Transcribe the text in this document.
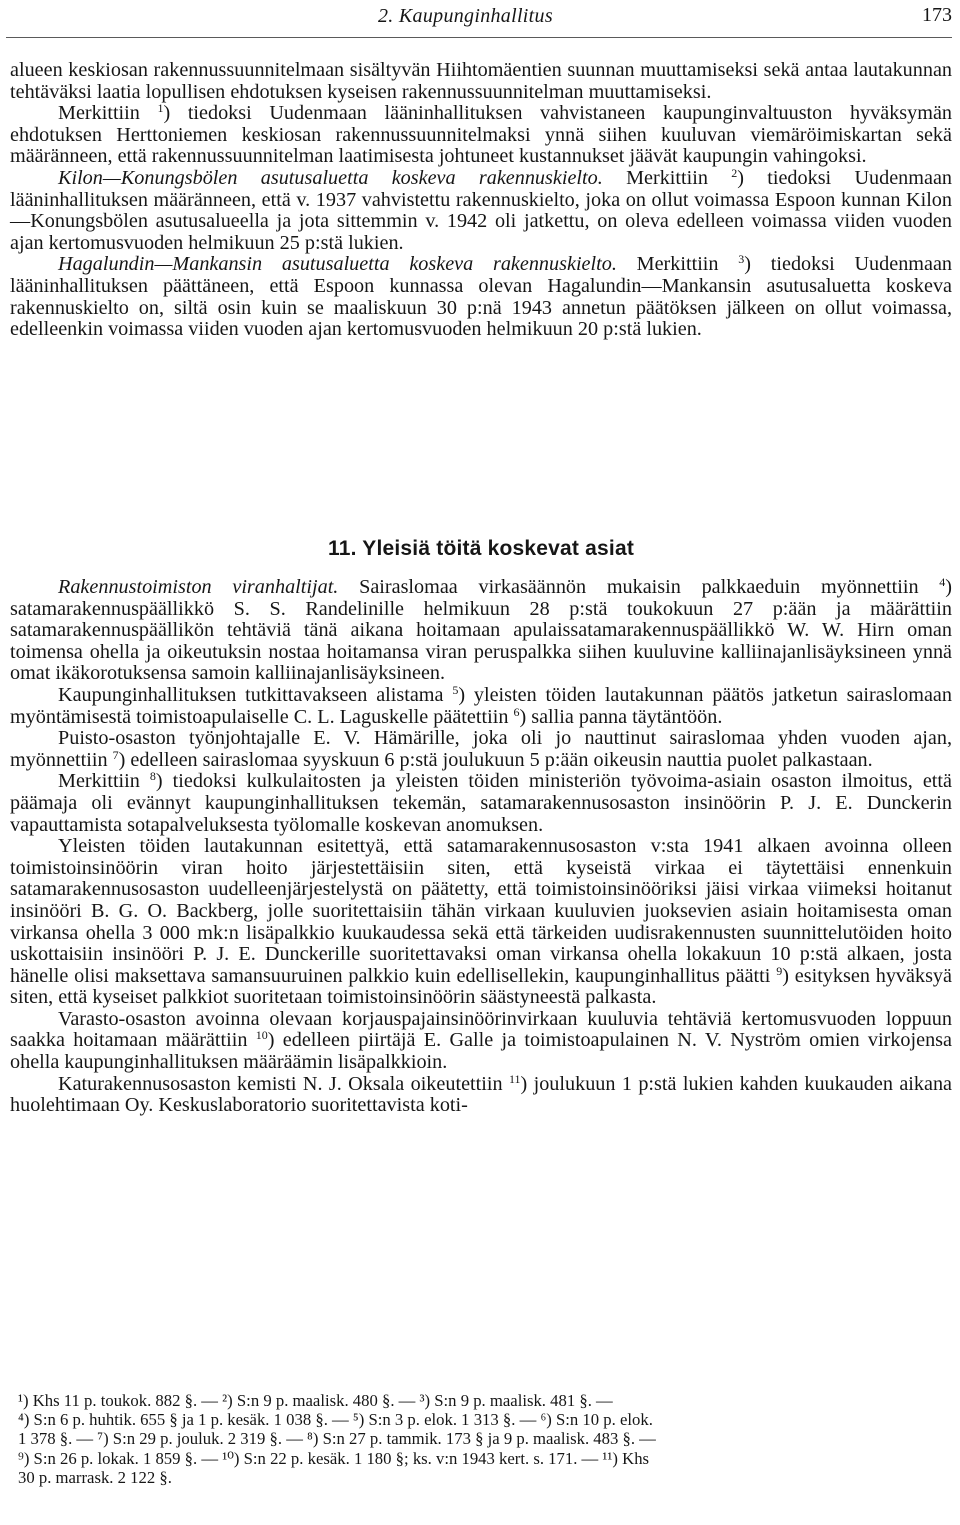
2. Kaupunginhallitus	173

alueen keskiosan rakennussuunnitelmaan sisältyvän Hiihtomäentien suunnan muuttamiseksi sekä antaa lautakunnan tehtäväksi laatia lopullisen ehdotuksen kyseisen rakennussuunnitelman muuttamiseksi.

Merkittiin $^1$) tiedoksi Uudenmaan lääninhallituksen vahvistaneen kaupunginvaltuuston hyväksymän ehdotuksen Herttoniemen keskiosan rakennussuunnitelmaksi ynnä siihen kuuluvan viemäröimiskartan sekä määränneen, että rakennussuunnitelman laatimisesta johtuneet kustannukset jäävät kaupungin vahingoksi.

Kilon—Konungsbölen asutusaluetta koskeva rakennuskielto. Merkittiin $^2$) tiedoksi Uudenmaan lääninhallituksen määränneen, että v. 1937 vahvistettu rakennuskielto, joka on ollut voimassa Espoon kunnan Kilon—Konungsbölen asutusalueella ja jota sittemmin v. 1942 oli jatkettu, on oleva edelleen voimassa viiden vuoden ajan kertomusvuoden helmikuun 25 p:stä lukien.

Hagalundin—Mankansin asutusaluetta koskeva rakennuskielto. Merkittiin $^3$) tiedoksi Uudenmaan lääninhallituksen päättäneen, että Espoon kunnassa olevan Hagalundin—Mankansin asutusaluetta koskeva rakennuskielto on, siltä osin kuin se maaliskuun 30 p:nä 1943 annetun päätöksen jälkeen on ollut voimassa, edelleenkin voimassa viiden vuoden ajan kertomusvuoden helmikuun 20 p:stä lukien.

11. Yleisiä töitä koskevat asiat

Rakennustoimiston viranhaltijat. Sairaslomaa virkasäännön mukaisin palkkaeduin myönnettiin $^4$) satamarakennuspäällikkö S. S. Randelinille helmikuun 28 p:stä toukokuun 27 p:ään ja määrättiin satamarakennuspäällikön tehtäviä tänä aikana hoitamaan apulaissatamarakennuspäällikkö W. W. Hirn oman toimensa ohella ja oikeutuksin nostaa hoitamansa viran peruspalkka siihen kuuluvine kalliinajanlisäyksineen ynnä omat ikäkorotuksensa samoin kalliinajanlisäyksineen.

Kaupunginhallituksen tutkittavakseen alistama $^5$) yleisten töiden lautakunnan päätös jatketun sairaslomaan myöntämisestä toimistoapulaiselle C. L. Laguskelle päätettiin $^6$) sallia panna täytäntöön.

Puisto-osaston työnjohtajalle E. V. Hämärille, joka oli jo nauttinut sairaslomaa yhden vuoden ajan, myönnettiin $^7$) edelleen sairaslomaa syyskuun 6 p:stä joulukuun 5 p:ään oikeusin nauttia puolet palkastaan.

Merkittiin $^8$) tiedoksi kulkulaitosten ja yleisten töiden ministeriön työvoima-asiain osaston ilmoitus, että päämaja oli evännyt kaupunginhallituksen tekemän, satamarakennusosaston insinöörin P. J. E. Dunckerin vapauttamista sotapalveluksesta työlomalle koskevan anomuksen.

Yleisten töiden lautakunnan esitettyä, että satamarakennusosaston v:sta 1941 alkaen avoinna olleen toimistoinsinöörin viran hoito järjestettäisiin siten, että kyseistä virkaa ei täytettäisi ennenkuin satamarakennusosaston uudelleenjärjestelystä on päätetty, että toimistoinsinööriksi jäisi virkaa viimeksi hoitanut insinööri B. G. O. Backberg, jolle suoritettaisiin tähän virkaan kuuluvien juoksevien asiain hoitamisesta oman virkansa ohella 3 000 mk:n lisäpalkkio kuukaudessa sekä että tärkeiden uudisrakennusten suunnittelutöiden hoito uskottaisiin insinööri P. J. E. Dunckerille suoritettavaksi oman virkansa ohella lokakuun 10 p:stä alkaen, josta hänelle olisi maksettava samansuuruinen palkkio kuin edellisellekin, kaupunginhallitus päätti $^9$) esityksen hyväksyä siten, että kyseiset palkkiot suoritetaan toimistoinsinöörin säästyneestä palkasta.

Varasto-osaston avoinna olevaan korjauspajainsinöörinvirkaan kuuluvia tehtäviä kertomusvuoden loppuun saakka hoitamaan määrättiin $^{10}$) edelleen piirtäjä E. Galle ja toimistoapulainen N. V. Nyström omien virkojensa ohella kaupunginhallituksen määräämin lisäpalkkioin.

Katurakennusosaston kemisti N. J. Oksala oikeutettiin $^{11}$) joulukuun 1 p:stä lukien kahden kuukauden aikana huolehtimaan Oy. Keskuslaboratorio suoritettavista koti-

¹) Khs 11 p. toukok. 882 §. — ²) S:n 9 p. maalisk. 480 §. — ³) S:n 9 p. maalisk. 481 §. —

⁴) S:n 6 p. huhtik. 655 § ja 1 p. kesäk. 1 038 §. — ⁵) S:n 3 p. elok. 1 313 §. — ⁶) S:n 10 p. elok.

1 378 §. — ⁷) S:n 29 p. jouluk. 2 319 §. — ⁸) S:n 27 p. tammik. 173 § ja 9 p. maalisk. 483 §. —

⁹) S:n 26 p. lokak. 1 859 §. — ¹⁰) S:n 22 p. kesäk. 1 180 §; ks. v:n 1943 kert. s. 171. — ¹¹) Khs

30 p. marrask. 2 122 §.
